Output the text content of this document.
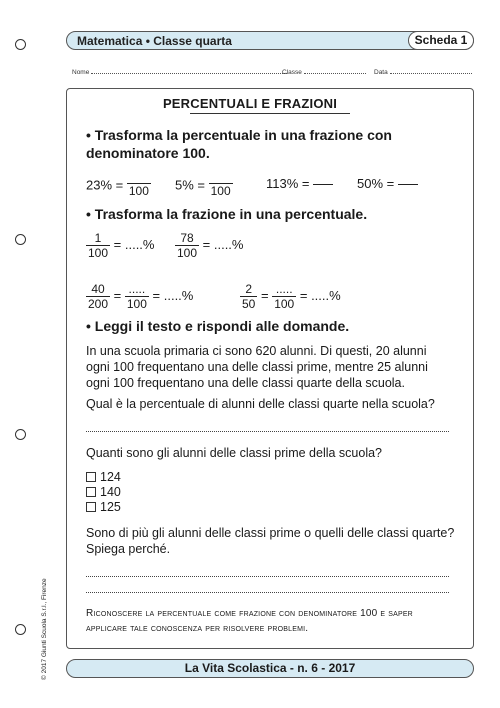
Matematica • Classe quarta	Scheda 1
Nome	Classe	Data
PERCENTUALI E FRAZIONI
• Trasforma la percentuale in una frazione con denominatore 100.
23% = 100 5% = 100	113% =	50% =
• Trasforma la frazione in una percentuale.
$\frac{1}{100}$ = .....% $\frac{78}{100}$ = .....%
$\frac{40}{200} = \frac{.....}{100}$ = .....%	$\frac{2}{50} = \frac{.....}{100}$ = .....%
• Leggi il testo e rispondi alle domande.
In una scuola primaria ci sono 620 alunni. Di questi, 20 alunni
ogni 100 frequentano una delle classi prime, mentre 25 alunni
ogni 100 frequentano una delle classi quarte della scuola.
Qual è la percentuale di alunni delle classi quarte nella scuola?
Quanti sono gli alunni delle classi prime della scuola?
124
140
125
Sono di più gli alunni delle classi prime o quelli delle classi quarte?
Spiega perché.
Riconoscere la percentuale come frazione con denominatore 100 e saper
applicare tale conoscenza per risolvere problemi.
© 2017 Giunti Scuola S.r.l., Firenze	La Vita Scolastica - n. 6 - 2017
